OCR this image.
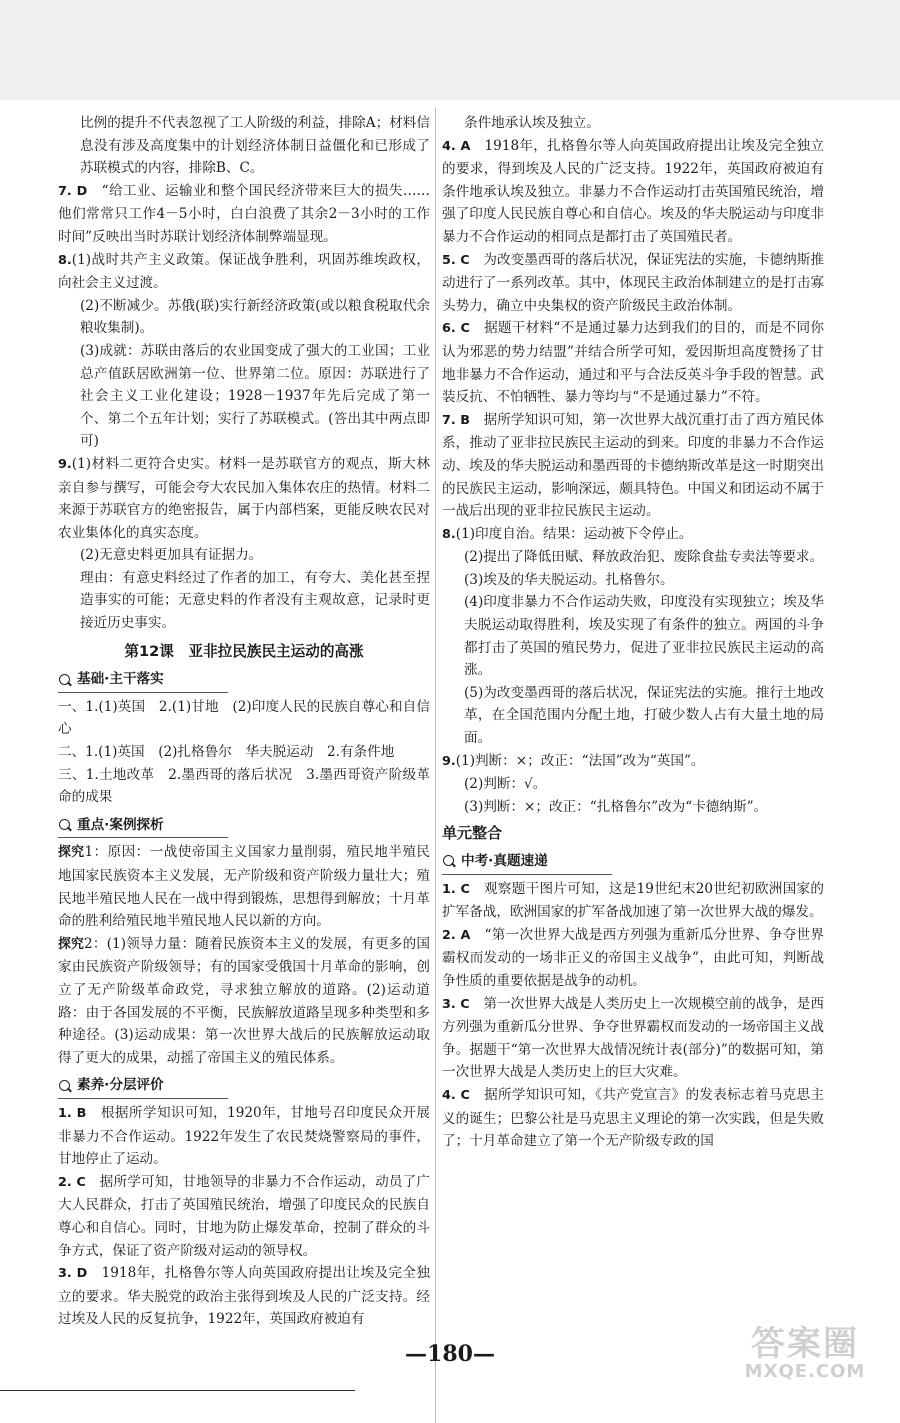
比例的提升不代表忽视了工人阶级的利益，排除A；材料信息没有涉及高度集中的计划经济体制日益僵化和已形成了苏联模式的内容，排除B、C。

7. D　 “给工业、运输业和整个国民经济带来巨大的损失……他们常常只工作4－5小时，白白浪费了其余2－3小时的工作时间”反映出当时苏联计划经济体制弊端显现。

8.(1)战时共产主义政策。保证战争胜利，巩固苏维埃政权，向社会主义过渡。

(2)不断减少。苏俄(联)实行新经济政策(或以粮食税取代余粮收集制)。

(3)成就：苏联由落后的农业国变成了强大的工业国；工业总产值跃居欧洲第一位、世界第二位。原因：苏联进行了社会主义工业化建设；1928－1937年先后完成了第一个、第二个五年计划；实行了苏联模式。(答出其中两点即可)

9.(1)材料二更符合史实。材料一是苏联官方的观点，斯大林亲自参与撰写，可能会夸大农民加入集体农庄的热情。材料二来源于苏联官方的绝密报告，属于内部档案，更能反映农民对农业集体化的真实态度。

(2)无意史料更加具有证据力。

理由：有意史料经过了作者的加工，有夸大、美化甚至捏造事实的可能；无意史料的作者没有主观故意，记录时更接近历史事实。

第12课　亚非拉民族民主运动的高涨
基础·主干落实

一、1.(1)英国　2.(1)甘地　(2)印度人民的民族自尊心和自信心

二、1.(1)英国　(2)扎格鲁尔　华夫脱运动　2.有条件地

三、1.土地改革　2.墨西哥的落后状况　3.墨西哥资产阶级革命的成果

重点·案例探析

探究1：原因：一战使帝国主义国家力量削弱，殖民地半殖民地国家民族资本主义发展，无产阶级和资产阶级力量壮大；殖民地半殖民地人民在一战中得到锻炼，思想得到解放；十月革命的胜利给殖民地半殖民地人民以新的方向。

探究2：(1)领导力量：随着民族资本主义的发展，有更多的国家由民族资产阶级领导；有的国家受俄国十月革命的影响，创立了无产阶级革命政党，寻求独立解放的道路。(2)运动道路：由于各国发展的不平衡，民族解放道路呈现多种类型和多种途径。(3)运动成果：第一次世界大战后的民族解放运动取得了更大的成果，动摇了帝国主义的殖民体系。

素养·分层评价

1. B　 根据所学知识可知，1920年，甘地号召印度民众开展非暴力不合作运动。1922年发生了农民焚烧警察局的事件，甘地停止了运动。

2. C　 据所学可知，甘地领导的非暴力不合作运动，动员了广大人民群众，打击了英国殖民统治，增强了印度民众的民族自尊心和自信心。同时，甘地为防止爆发革命，控制了群众的斗争方式，保证了资产阶级对运动的领导权。

3. D　 1918年，扎格鲁尔等人向英国政府提出让埃及完全独立的要求。华夫脱党的政治主张得到埃及人民的广泛支持。经过埃及人民的反复抗争，1922年，英国政府被迫有

条件地承认埃及独立。

4. A　 1918年，扎格鲁尔等人向英国政府提出让埃及完全独立的要求，得到埃及人民的广泛支持。1922年，英国政府被迫有条件地承认埃及独立。非暴力不合作运动打击英国殖民统治，增强了印度人民民族自尊心和自信心。埃及的华夫脱运动与印度非暴力不合作运动的相同点是都打击了英国殖民者。

5. C　 为改变墨西哥的落后状况，保证宪法的实施，卡德纳斯推动进行了一系列改革。其中，体现民主政治体制建立的是打击寡头势力，确立中央集权的资产阶级民主政治体制。

6. C　 据题干材料“不是通过暴力达到我们的目的，而是不同你认为邪恶的势力结盟”并结合所学可知，爱因斯坦高度赞扬了甘地非暴力不合作运动，通过和平与合法反英斗争手段的智慧。武装反抗、不怕牺牲、暴力等均与“不是通过暴力”不符。

7. B　 据所学知识可知，第一次世界大战沉重打击了西方殖民体系，推动了亚非拉民族民主运动的到来。印度的非暴力不合作运动、埃及的华夫脱运动和墨西哥的卡德纳斯改革是这一时期突出的民族民主运动，影响深远，颇具特色。中国义和团运动不属于一战后出现的亚非拉民族民主运动。

8.(1)印度自治。结果：运动被下令停止。

(2)提出了降低田赋、释放政治犯、废除食盐专卖法等要求。

(3)埃及的华夫脱运动。扎格鲁尔。

(4)印度非暴力不合作运动失败，印度没有实现独立；埃及华夫脱运动取得胜利，埃及实现了有条件的独立。两国的斗争都打击了英国的殖民势力，促进了亚非拉民族民主运动的高涨。

(5)为改变墨西哥的落后状况，保证宪法的实施。推行土地改革，在全国范围内分配土地，打破少数人占有大量土地的局面。

9.(1)判断：×；改正：“法国”改为“英国”。

(2)判断：√。

(3)判断：×；改正：“扎格鲁尔”改为“卡德纳斯”。

单元整合
中考·真题速递

1. C　 观察题干图片可知，这是19世纪末20世纪初欧洲国家的扩军备战，欧洲国家的扩军备战加速了第一次世界大战的爆发。

2. A　 “第一次世界大战是西方列强为重新瓜分世界、争夺世界霸权而发动的一场非正义的帝国主义战争”，由此可知，判断战争性质的重要依据是战争的动机。

3. C　 第一次世界大战是人类历史上一次规模空前的战争，是西方列强为重新瓜分世界、争夺世界霸权而发动的一场帝国主义战争。据题干“第一次世界大战情况统计表(部分)”的数据可知，第一次世界大战是人类历史上的巨大灾难。

4. C　 据所学知识可知，《共产党宣言》的发表标志着马克思主义的诞生；巴黎公社是马克思主义理论的第一次实践，但是失败了；十月革命建立了第一个无产阶级专政的国

—180—	答案圈
MXQE.COM
